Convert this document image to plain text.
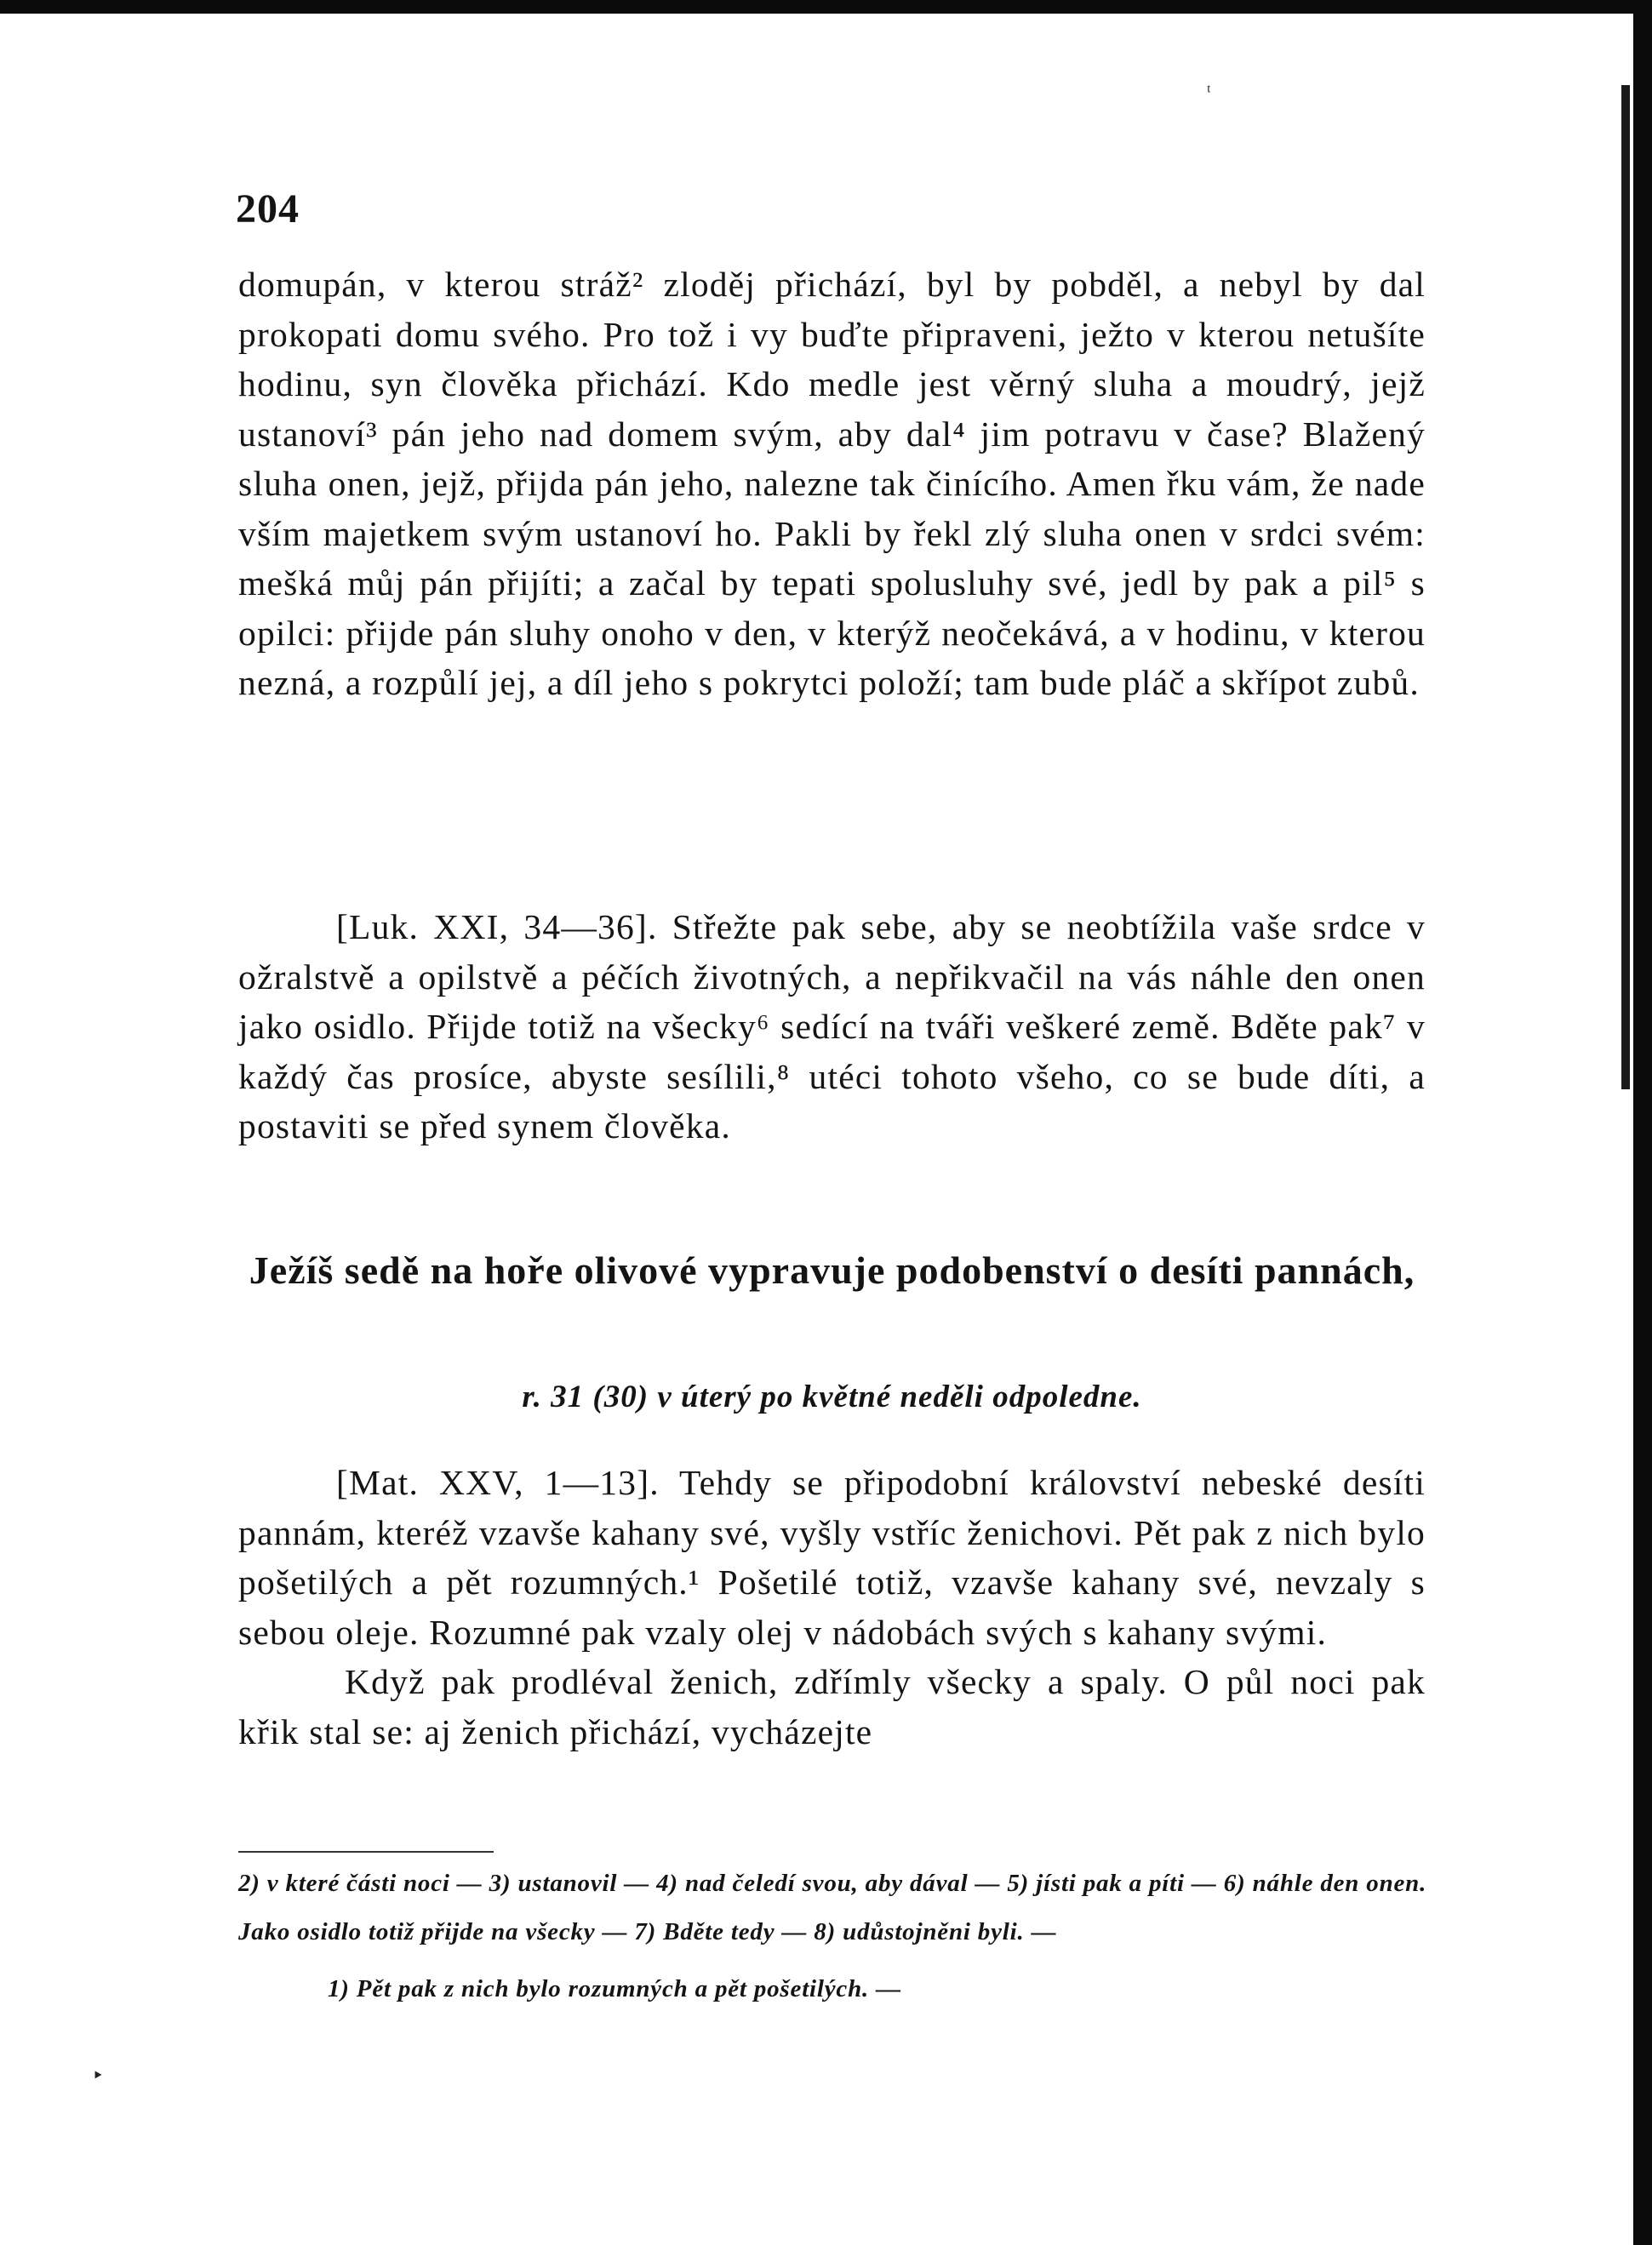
204

domupán, v kterou stráž² zloděj přichází, byl by pobděl, a nebyl by dal prokopati domu svého. Pro tož i vy buďte připraveni, ježto v kterou netušíte hodinu, syn člověka přichází. Kdo medle jest věrný sluha a moudrý, jejž ustanoví³ pán jeho nad domem svým, aby dal⁴ jim potravu v čase? Blažený sluha onen, jejž, přijda pán jeho, nalezne tak činícího. Amen řku vám, že nade vším majetkem svým ustanoví ho. Pakli by řekl zlý sluha onen v srdci svém: mešká můj pán přijíti; a začal by tepati spolusluhy své, jedl by pak a pil⁵ s opilci: přijde pán sluhy onoho v den, v kterýž neočekává, a v hodinu, v kterou nezná, a rozpůlí jej, a díl jeho s pokrytci položí; tam bude pláč a skřípot zubů.

[Luk. XXI, 34—36]. Střežte pak sebe, aby se neobtížila vaše srdce v ožralstvě a opilstvě a péčích životných, a nepřikvačil na vás náhle den onen jako osidlo. Přijde totiž na všecky⁶ sedící na tváři veškeré země. Bděte pak⁷ v každý čas prosíce, abyste sesílili,⁸ utéci tohoto všeho, co se bude díti, a postaviti se před synem člověka.

Ježíš sedě na hoře olivové vypravuje podobenství o desíti pannách,
r. 31 (30) v úterý po květné neděli odpoledne.

[Mat. XXV, 1—13]. Tehdy se připodobní království nebeské desíti pannám, kteréž vzavše kahany své, vyšly vstříc ženichovi. Pět pak z nich bylo pošetilých a pět rozumných.¹ Pošetilé totiž, vzavše kahany své, nevzaly s sebou oleje. Rozumné pak vzaly olej v nádobách svých s kahany svými.

Když pak prodléval ženich, zdřímly všecky a spaly. O půl noci pak křik stal se: aj ženich přichází, vycházejte

2) v které části noci — 3) ustanovil — 4) nad čeledí svou, aby dával — 5) jísti pak a píti — 6) náhle den onen. Jako osidlo totiž přijde na všecky — 7) Bděte tedy — 8) udůstojněni byli. —

1) Pět pak z nich bylo rozumných a pět pošetilých. —

ᵗ
‣
